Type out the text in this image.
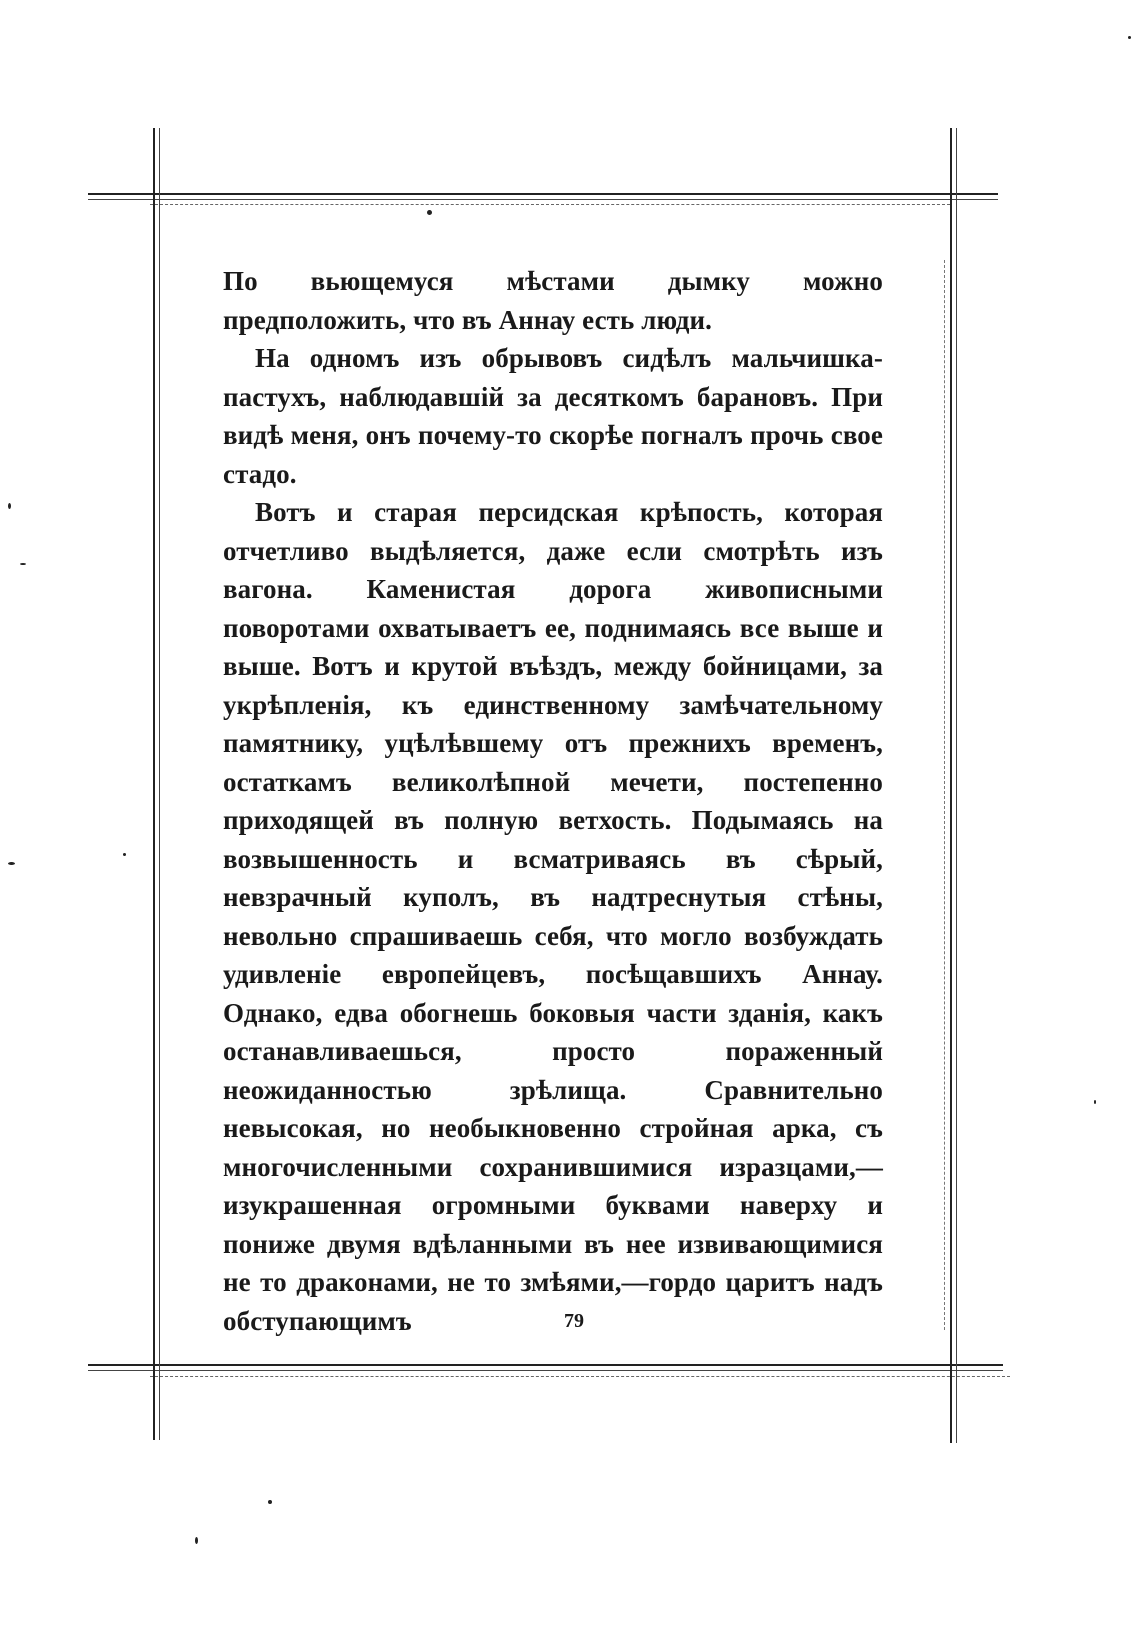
По вьющемуся мѣстами дымку можно предположить, что въ Аннау есть люди.

На одномъ изъ обрывовъ сидѣлъ мальчишка-пастухъ, наблюдавшій за десяткомъ барановъ. При видѣ меня, онъ почему-то скорѣе погналъ прочь свое стадо.

Вотъ и старая персидская крѣпость, которая отчетливо выдѣляется, даже если смотрѣть изъ вагона. Каменистая дорога живописными поворотами охватываетъ ее, поднимаясь все выше и выше. Вотъ и крутой въѣздъ, между бойницами, за укрѣпленія, къ единственному замѣчательному памятнику, уцѣлѣвшему отъ прежнихъ временъ, остаткамъ великолѣпной мечети, постепенно приходящей въ полную ветхость. Подымаясь на возвышенность и всматриваясь въ сѣрый, невзрачный куполъ, въ надтреснутыя стѣны, невольно спрашиваешь себя, что могло возбуждать удивленіе европейцевъ, посѣщавшихъ Аннау. Однако, едва обогнешь боковыя части зданія, какъ останавливаешься, просто пораженный неожиданностью зрѣлища. Сравнительно невысокая, но необыкновенно стройная арка, съ многочисленными сохранившимися изразцами,—изукрашенная огромными буквами наверху и пониже двумя вдѣланными въ нее извивающимися не то драконами, не то змѣями,—гордо царитъ надъ обступающимъ	79
